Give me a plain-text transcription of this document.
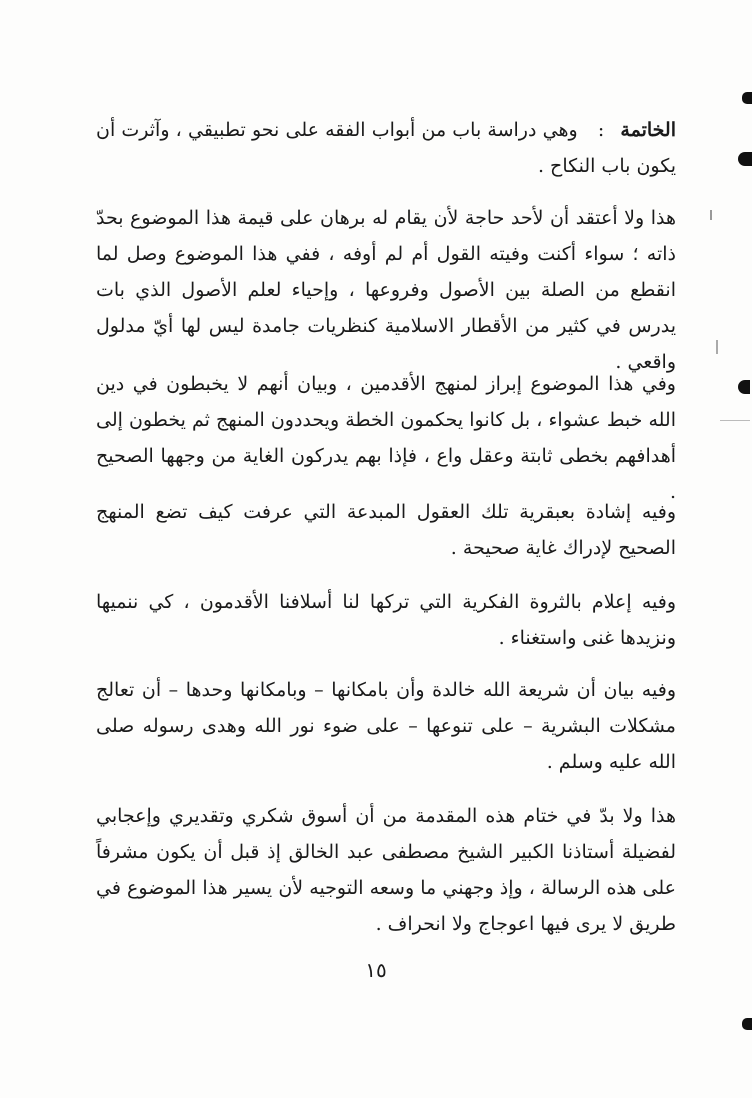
الخاتمة : وهي دراسة باب من أبواب الفقه على نحو تطبيقي ، وآثرت أن يكون باب النكاح .

هذا ولا أعتقد أن لأحد حاجة لأن يقام له برهان على قيمة هذا الموضوع بحدّ ذاته ؛ سواء أكنت وفيته القول أم لم أوفه ، ففي هذا الموضوع وصل لما انقطع من الصلة بين الأصول وفروعها ، وإحياء لعلم الأصول الذي بات يدرس في كثير من الأقطار الاسلامية كنظريات جامدة ليس لها أيّ مدلول واقعي .

وفي هذا الموضوع إبراز لمنهج الأقدمين ، وبيان أنهم لا يخبطون في دين الله خبط عشواء ، بل كانوا يحكمون الخطة ويحددون المنهج ثم يخطون إلى أهدافهم بخطى ثابتة وعقل واع ، فإذا بهم يدركون الغاية من وجهها الصحيح .

وفيه إشادة بعبقرية تلك العقول المبدعة التي عرفت كيف تضع المنهج الصحيح لإدراك غاية صحيحة .

وفيه إعلام بالثروة الفكرية التي تركها لنا أسلافنا الأقدمون ، كي ننميها ونزيدها غنى واستغناء .

وفيه بيان أن شريعة الله خالدة وأن بامكانها – وبامكانها وحدها – أن تعالج مشكلات البشرية – على تنوعها – على ضوء نور الله وهدى رسوله صلى الله عليه وسلم .

هذا ولا بدّ في ختام هذه المقدمة من أن أسوق شكري وتقديري وإعجابي لفضيلة أستاذنا الكبير الشيخ مصطفى عبد الخالق إذ قبل أن يكون مشرفاً على هذه الرسالة ، وإذ وجهني ما وسعه التوجيه لأن يسير هذا الموضوع في طريق لا يرى فيها اعوجاج ولا انحراف .

١٥
